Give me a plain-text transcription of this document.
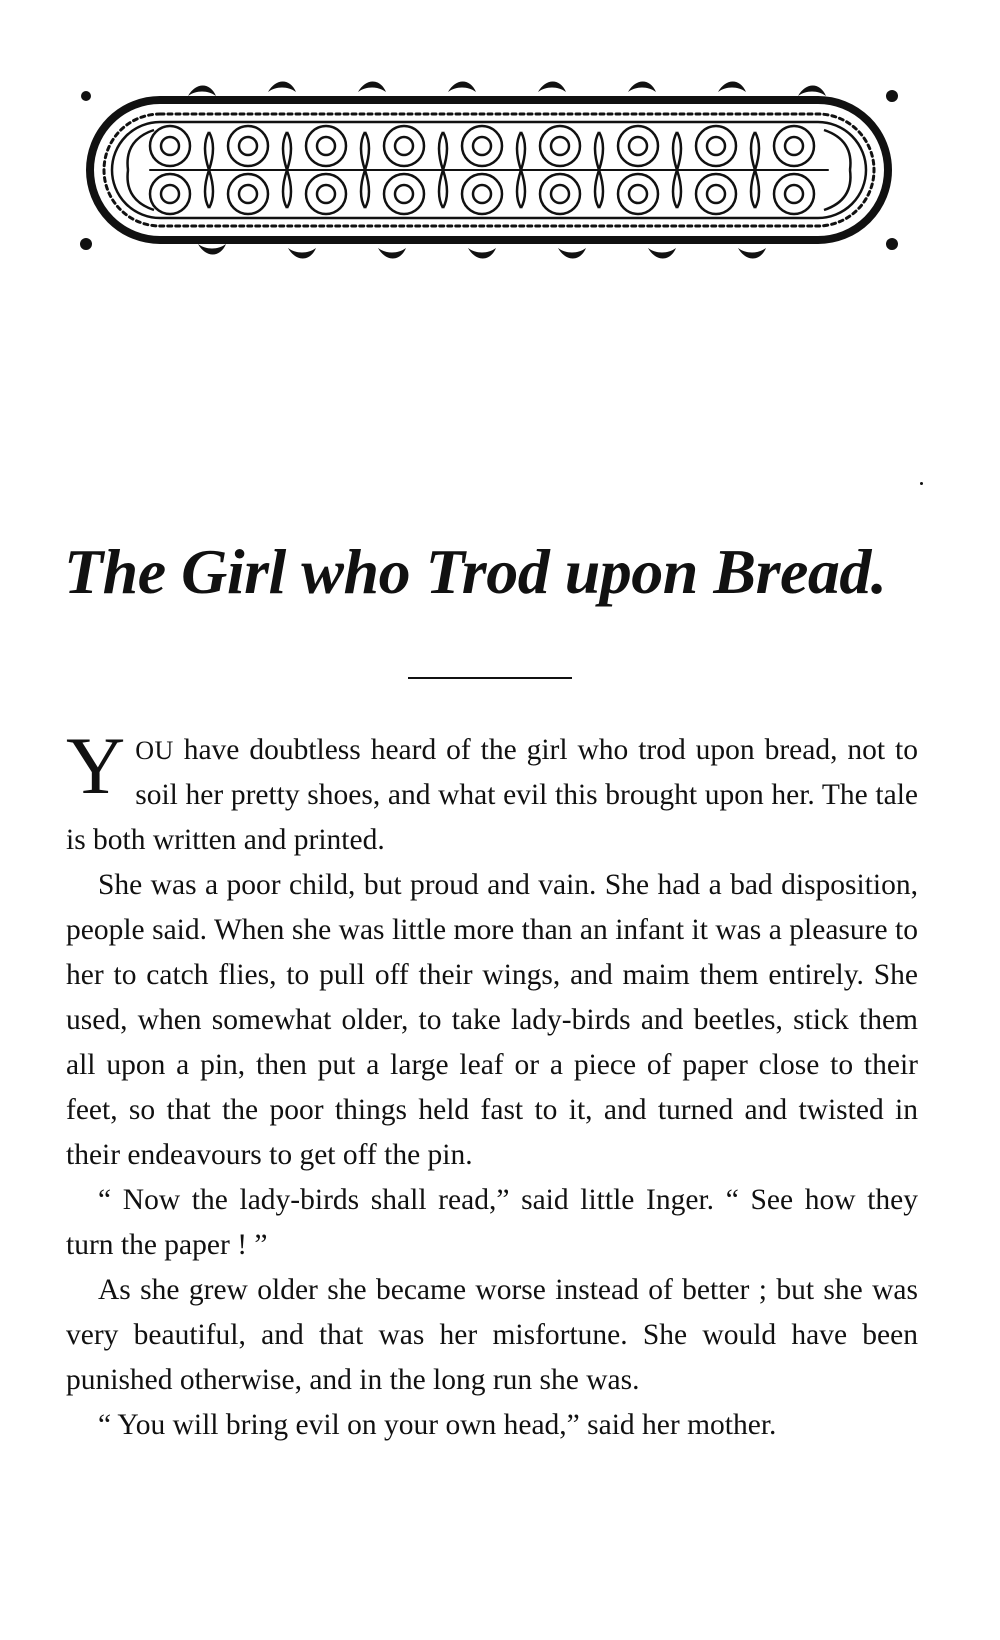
The Girl who Trod upon Bread.

YOU have doubtless heard of the girl who trod upon bread, not to soil her pretty shoes, and what evil this brought upon her. The tale is both written and printed.

She was a poor child, but proud and vain. She had a bad disposition, people said. When she was little more than an infant it was a pleasure to her to catch flies, to pull off their wings, and maim them entirely. She used, when somewhat older, to take lady-birds and beetles, stick them all upon a pin, then put a large leaf or a piece of paper close to their feet, so that the poor things held fast to it, and turned and twisted in their endeavours to get off the pin.

“ Now the lady-birds shall read,” said little Inger. “ See how they turn the paper ! ”

As she grew older she became worse instead of better ; but she was very beautiful, and that was her misfortune. She would have been punished otherwise, and in the long run she was.

“ You will bring evil on your own head,” said her mother.
